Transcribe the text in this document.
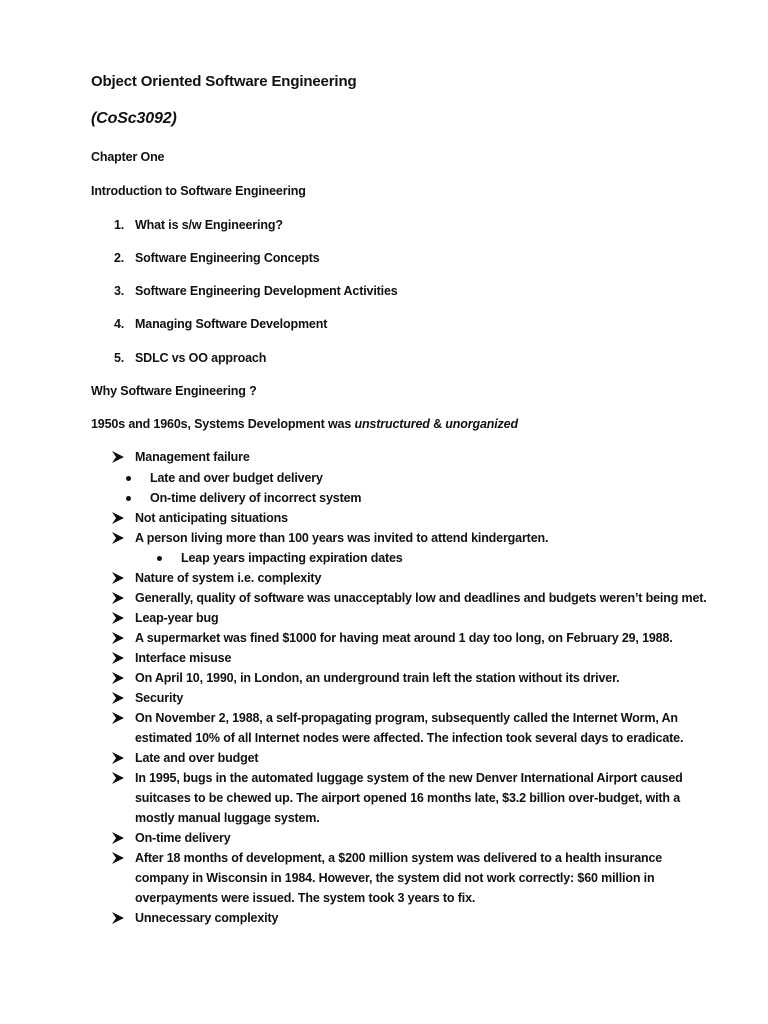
Object Oriented Software Engineering
(CoSc3092)
Chapter One
Introduction to Software Engineering
1. What is s/w Engineering?
2. Software Engineering Concepts
3. Software Engineering Development Activities
4. Managing Software Development
5. SDLC vs OO approach
Why Software Engineering ?
1950s and 1960s, Systems Development was unstructured & unorganized
Management failure
Late and over budget delivery
On-time delivery of incorrect system
Not anticipating situations
A person living more than 100 years was invited to attend kindergarten.
Leap years impacting expiration dates
Nature of system i.e. complexity
Generally, quality of software was unacceptably low and deadlines and budgets weren’t being met.
Leap-year bug
A supermarket was fined $1000 for having meat around 1 day too long, on February 29, 1988.
Interface misuse
On April 10, 1990, in London, an underground train left the station without its driver.
Security
On November 2, 1988, a self-propagating program, subsequently called the Internet Worm, An
estimated 10% of all Internet nodes were affected. The infection took several days to eradicate.
Late and over budget
In 1995, bugs in the automated luggage system of the new Denver International Airport caused
suitcases to be chewed up. The airport opened 16 months late, $3.2 billion over-budget, with a
mostly manual luggage system.
On-time delivery
After 18 months of development, a $200 million system was delivered to a health insurance
company in Wisconsin in 1984. However, the system did not work correctly: $60 million in
overpayments were issued. The system took 3 years to fix.
Unnecessary complexity
